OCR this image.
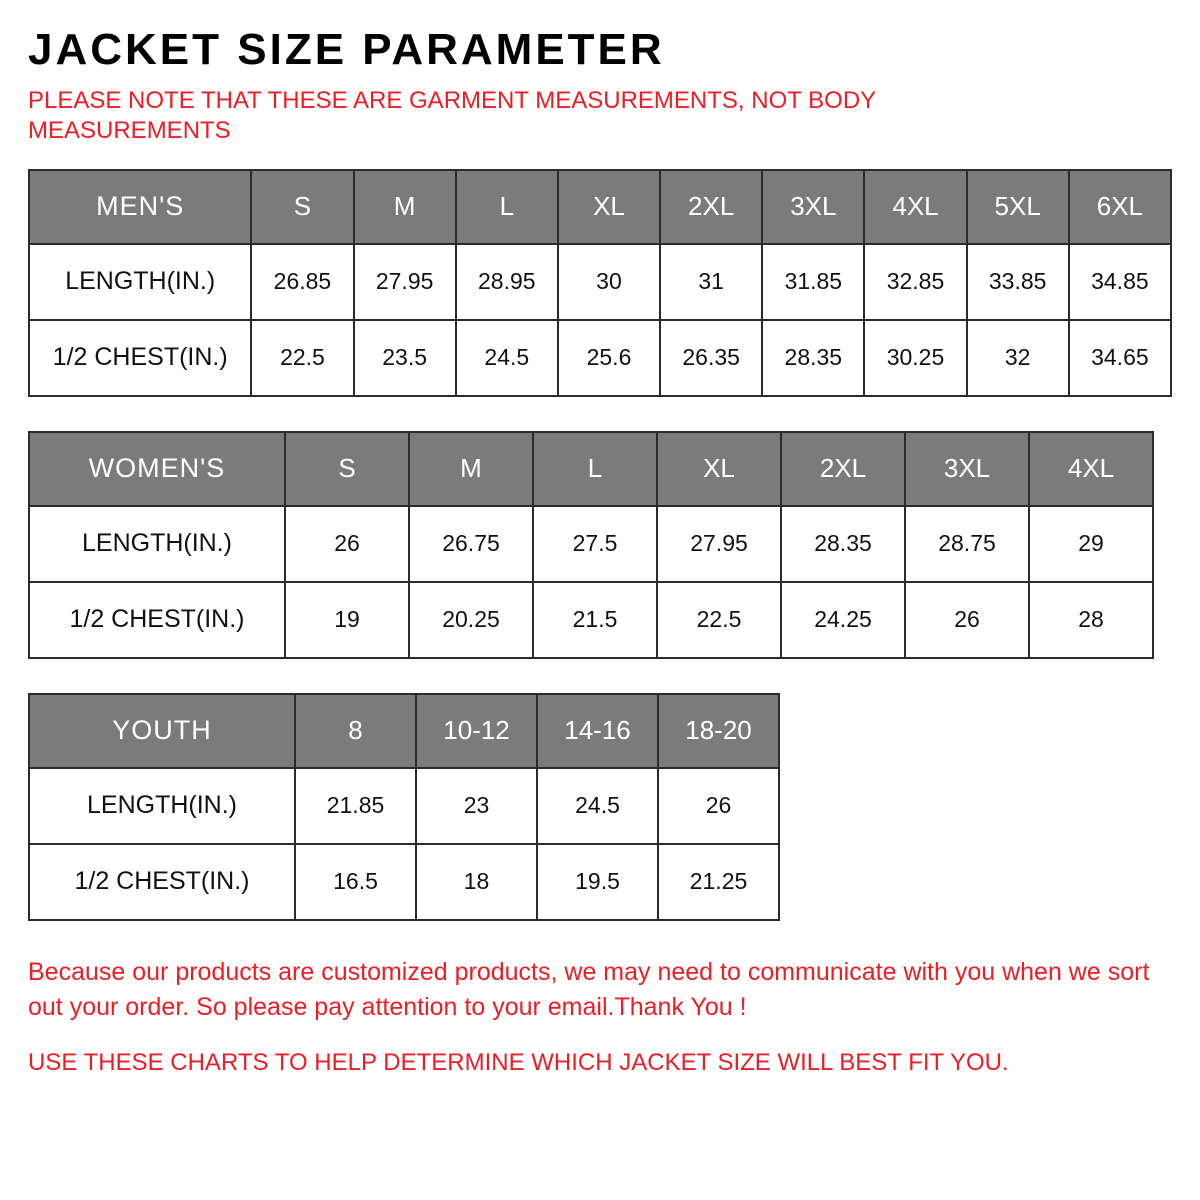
JACKET SIZE PARAMETER

PLEASE NOTE THAT THESE ARE GARMENT MEASUREMENTS, NOT BODY MEASUREMENTS

MEN'S	S	M	L	XL	2XL	3XL	4XL	5XL	6XL
LENGTH(IN.)	26.85	27.95	28.95	30	31	31.85	32.85	33.85	34.85
1/2 CHEST(IN.)	22.5	23.5	24.5	25.6	26.35	28.35	30.25	32	34.65
WOMEN'S	S	M	L	XL	2XL	3XL	4XL
LENGTH(IN.)	26	26.75	27.5	27.95	28.35	28.75	29
1/2 CHEST(IN.)	19	20.25	21.5	22.5	24.25	26	28
YOUTH	8	10-12	14-16	18-20
LENGTH(IN.)	21.85	23	24.5	26
1/2 CHEST(IN.)	16.5	18	19.5	21.25

Because our products are customized products, we may need to communicate with you when we sort out your order. So please pay attention to your email.Thank You !

USE THESE CHARTS TO HELP DETERMINE WHICH JACKET SIZE WILL BEST FIT YOU.
